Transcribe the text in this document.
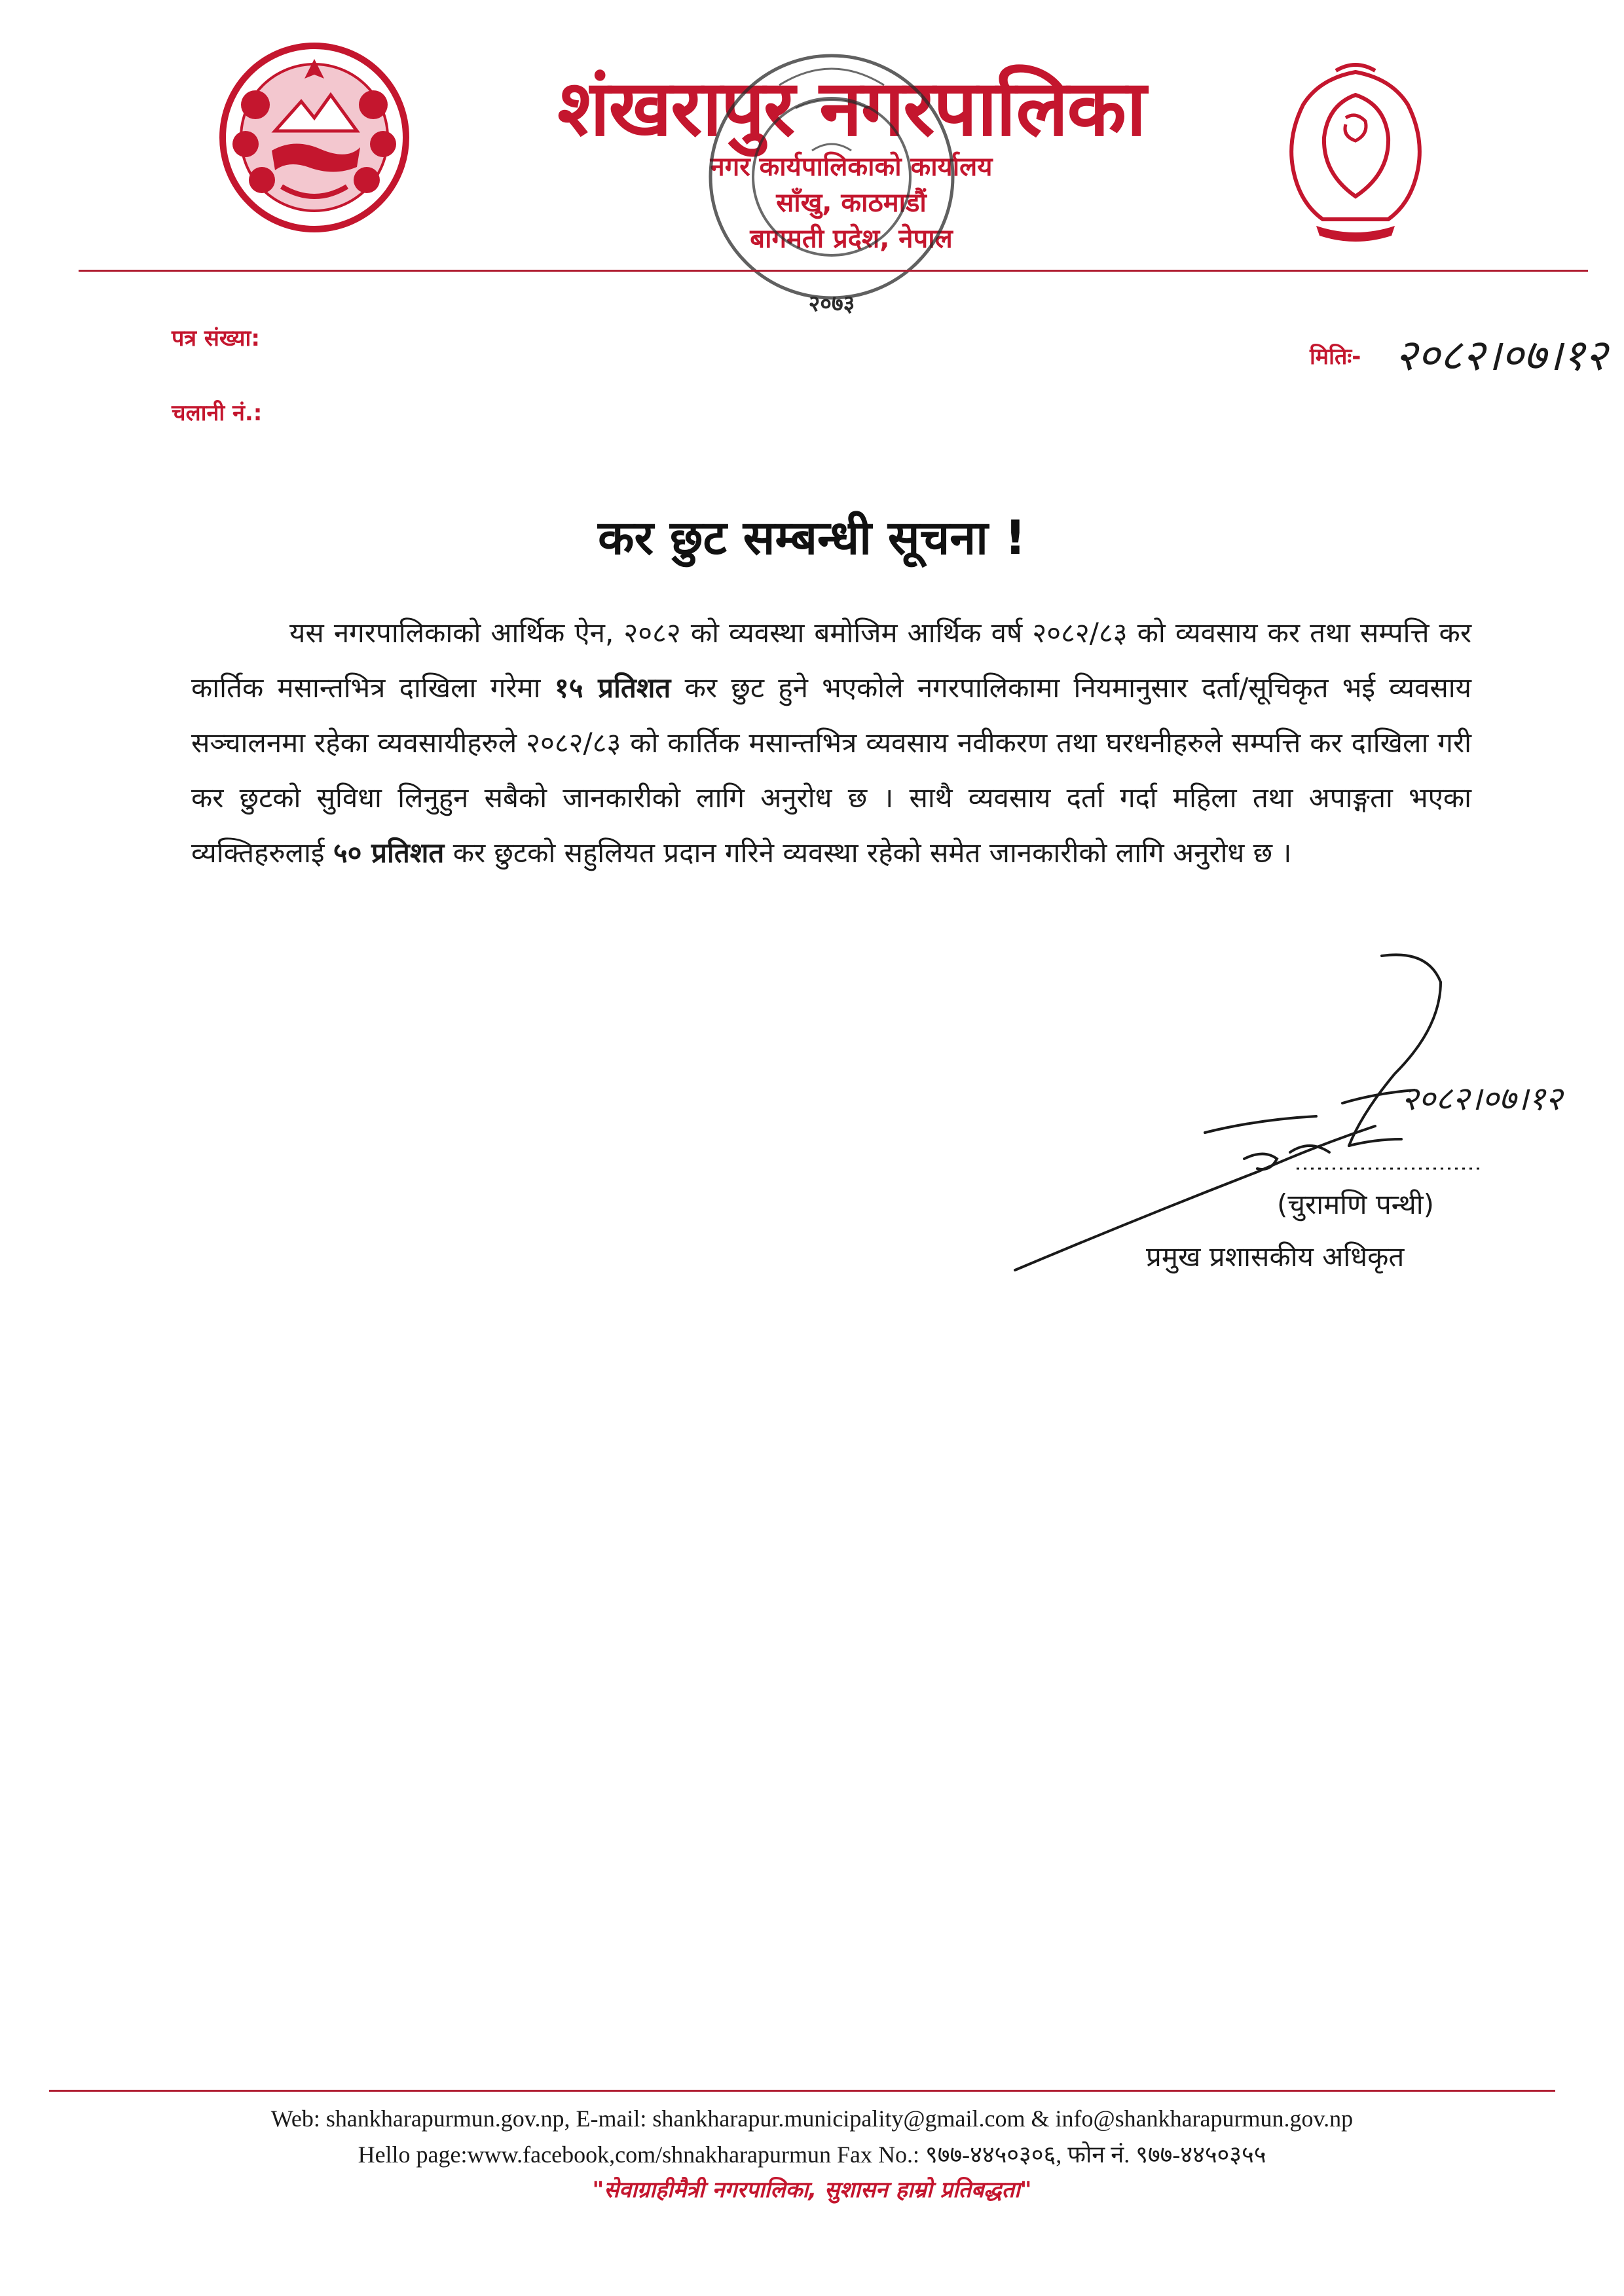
शंखरापुर नगरपालिका
नगर कार्यपालिकाको कार्यालय
साँखु, काठमाडौं
बागमती प्रदेश, नेपाल
२०७३
पत्र संख्या:
चलानी नं.:
मितिः- २०८२।०७।१२
कर छुट सम्बन्धी सूचना !
यस नगरपालिकाको आर्थिक ऐन, २०८२ को व्यवस्था बमोजिम आर्थिक वर्ष २०८२/८३ को व्यवसाय कर तथा सम्पत्ति कर कार्तिक मसान्तभित्र दाखिला गरेमा १५ प्रतिशत कर छुट हुने भएकोले नगरपालिकामा नियमानुसार दर्ता/सूचिकृत भई व्यवसाय सञ्चालनमा रहेका व्यवसायीहरुले २०८२/८३ को कार्तिक मसान्तभित्र व्यवसाय नवीकरण तथा घरधनीहरुले सम्पत्ति कर दाखिला गरी कर छुटको सुविधा लिनुहुन सबैको जानकारीको लागि अनुरोध छ । साथै व्यवसाय दर्ता गर्दा महिला तथा अपाङ्गता भएका व्यक्तिहरुलाई ५० प्रतिशत कर छुटको सहुलियत प्रदान गरिने व्यवस्था रहेको समेत जानकारीको लागि अनुरोध छ ।
२०८२।०७।१२
(चुरामणि पन्थी)
प्रमुख प्रशासकीय अधिकृत
Web: shankharapurmun.gov.np, E-mail: shankharapur.municipality@gmail.com & info@shankharapurmun.gov.np
Hello page:www.facebook,com/shnakharapurmun Fax No.: ९७७-४४५०३०६, फोन नं. ९७७-४४५०३५५
"सेवाग्राहीमैत्री नगरपालिका, सुशासन हाम्रो प्रतिबद्धता"
